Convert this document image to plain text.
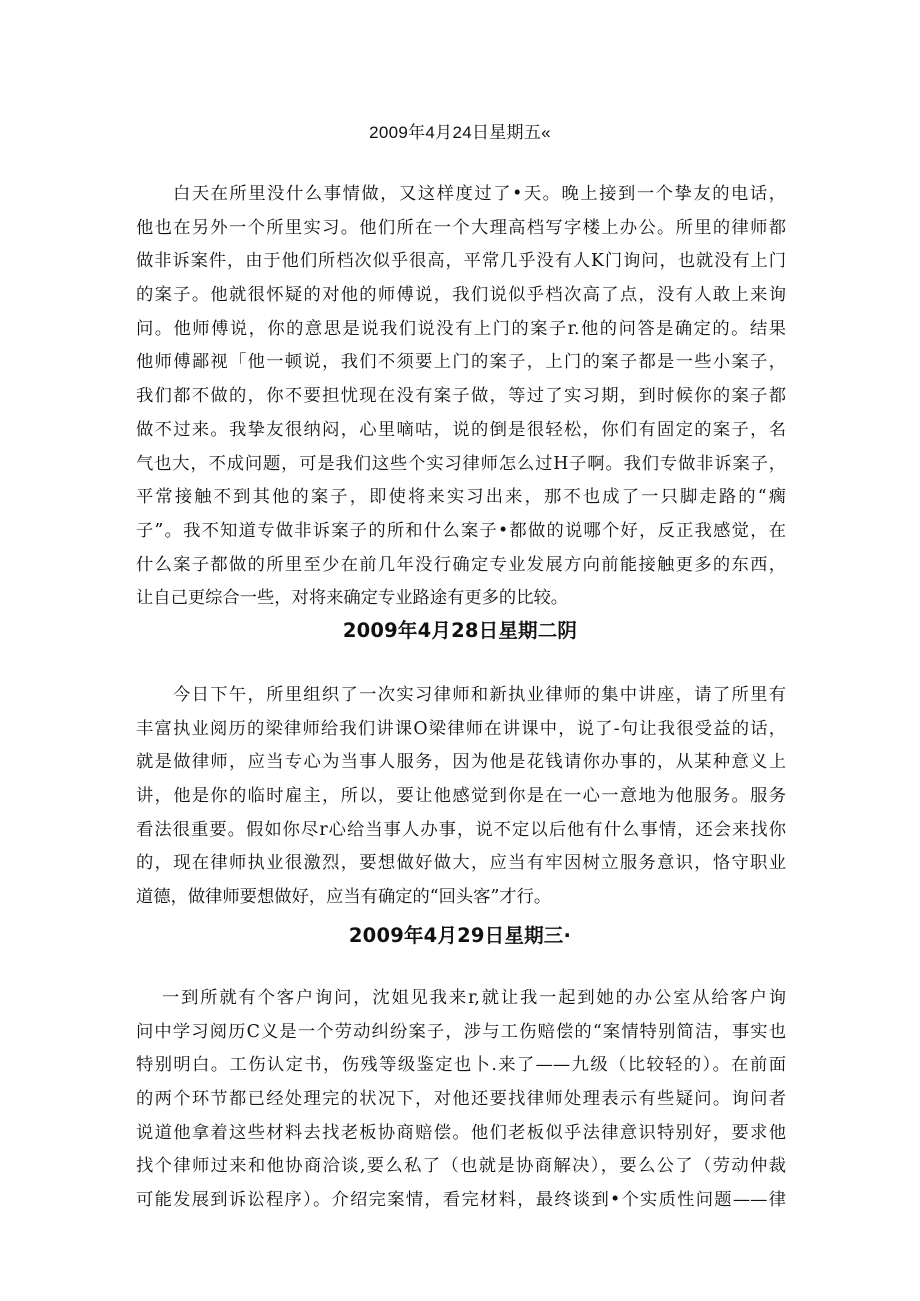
2009年4月24日星期五«
白天在所里没什么事情做，又这样度过了•天。晚上接到一个挚友的电话，
他也在另外一个所里实习。他们所在一个大理高档写字楼上办公。所里的律师都
做非诉案件，由于他们所档次似乎很高，平常几乎没有人K门询问，也就没有上门
的案子。他就很怀疑的对他的师傅说，我们说似乎档次高了点，没有人敢上来询
问。他师傅说，你的意思是说我们说没有上门的案子r.他的问答是确定的。结果
他师傅鄙视「他一顿说，我们不须要上门的案子，上门的案子都是一些小案子，
我们都不做的，你不要担忧现在没有案子做，等过了实习期，到时候你的案子都
做不过来。我挚友很纳闷，心里嘀咕，说的倒是很轻松，你们有固定的案子，名
气也大，不成问题，可是我们这些个实习律师怎么过H子啊。我们专做非诉案子，
平常接触不到其他的案子，即使将来实习出来，那不也成了一只脚走路的“瘸
子”。我不知道专做非诉案子的所和什么案子•都做的说哪个好，反正我感觉，在
什么案子都做的所里至少在前几年没行确定专业发展方向前能接触更多的东西，
让自己更综合一些，对将来确定专业路途有更多的比较。
2009年4月28日星期二阴
今日下午，所里组织了一次实习律师和新执业律师的集中讲座，请了所里有
丰富执业阅历的梁律师给我们讲课O梁律师在讲课中，说了-句让我很受益的话，
就是做律师，应当专心为当事人服务，因为他是花钱请你办事的，从某种意义上
讲，他是你的临时雇主，所以，要让他感觉到你是在一心一意地为他服务。服务
看法很重要。假如你尽r心给当事人办事，说不定以后他有什么事情，还会来找你
的，现在律师执业很激烈，要想做好做大，应当有牢因树立服务意识，恪守职业
道德，做律师要想做好，应当有确定的“回头客”才行。
2009年4月29日星期三·
一到所就有个客户询问，沈姐见我来r,就让我一起到她的办公室从给客户询
问中学习阅历C义是一个劳动纠纷案子，涉与工伤赔偿的“案情特别简洁，事实也
特别明白。工伤认定书，伤残等级鉴定也卜.来了——九级（比较轻的）。在前面
的两个环节都已经处理完的状况下，对他还要找律师处理表示有些疑问。询问者
说道他拿着这些材料去找老板协商赔偿。他们老板似乎法律意识特别好，要求他
找个律师过来和他协商洽谈,要么私了（也就是协商解决），要么公了（劳动仲裁
可能发展到诉讼程序）。介绍完案情，看完材料，最终谈到•个实质性问题——律
